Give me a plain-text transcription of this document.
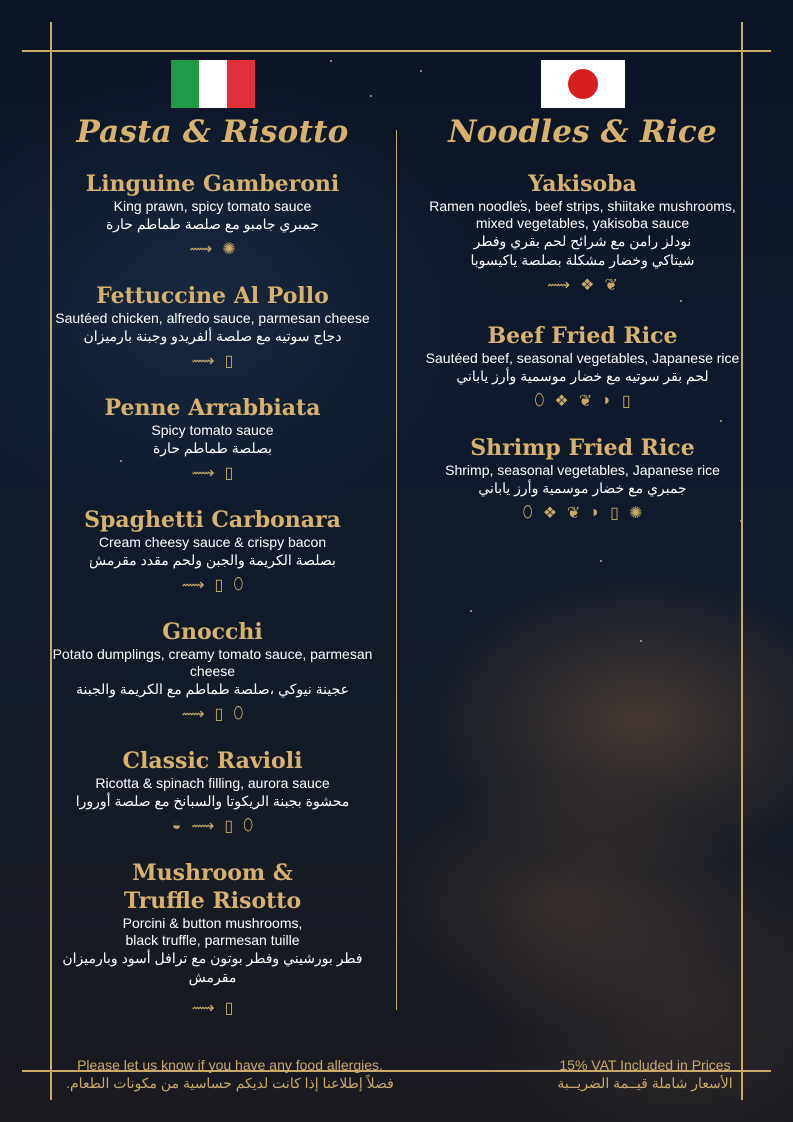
Pasta & Risotto
Linguine Gamberoni
King prawn, spicy tomato sauce
جمبري جامبو مع صلصة طماطم حارة
⟿ ✺
Fettuccine Al Pollo
Sautéed chicken, alfredo sauce, parmesan cheese
دجاج سوتيه مع صلصة ألفريدو وجبنة بارميزان
⟿ ▯
Penne Arrabbiata
Spicy tomato sauce
بصلصة طماطم حارة
⟿ ▯
Spaghetti Carbonara
Cream cheesy sauce & crispy bacon
بصلصة الكريمة والجبن ولحم مقدد مقرمش
⟿ ▯ ⬯
Gnocchi
Potato dumplings, creamy tomato sauce, parmesan cheese
عجينة نيوكي ،صلصة طماطم مع الكريمة والجبنة
⟿ ▯ ⬯
Classic Ravioli
Ricotta & spinach filling, aurora sauce
محشوة بجبنة الريكوتا والسبانخ مع صلصة أورورا
◒ ⟿ ▯ ⬯
Mushroom & Truffle Risotto
Porcini & button mushrooms, black truffle, parmesan tuille
فطر بورشيني وفطر بوتون مع ترافل أسود وبارميزان مقرمش
⟿ ▯
Noodles & Rice
Yakisoba
Ramen noodles, beef strips, shiitake mushrooms, mixed vegetables, yakisoba sauce
نودلز رامن مع شرائح لحم بقري وفطر شيتاكي وخضار مشكلة بصلصة ياكيسوبا
⟿ ❖ ❦
Beef Fried Rice
Sautéed beef, seasonal vegetables, Japanese rice
لحم بقر سوتيه مع خضار موسمية وأرز ياباني
⬯ ❖ ❦ ◗ ▯
Shrimp Fried Rice
Shrimp, seasonal vegetables, Japanese rice
جمبري مع خضار موسمية وأرز ياباني
⬯ ❖ ❦ ◗ ▯ ✺
Please let us know if you have any food allergies.
فضلاً إطلاعنا إذا كانت لديكم حساسية من مكونات الطعام.
15% VAT Included in Prices
الأسعار شاملة قيــمة الضريــبة
